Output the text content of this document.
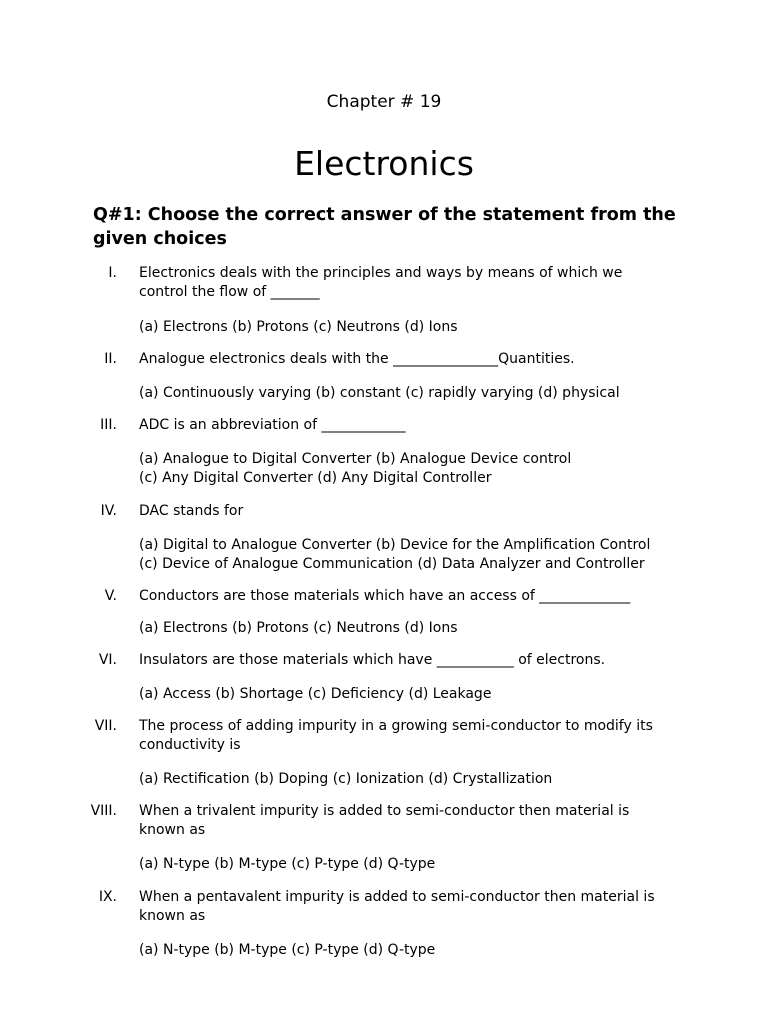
Chapter # 19
Electronics
Q#1: Choose the correct answer of the statement from the given choices
I. Electronics deals with the principles and ways by means of which we
control the flow of _______
(a) Electrons (b) Protons (c) Neutrons (d) Ions
II. Analogue electronics deals with the _______________Quantities.
(a) Continuously varying (b) constant (c) rapidly varying (d) physical
III. ADC is an abbreviation of ____________
(a) Analogue to Digital Converter (b) Analogue Device control
(c) Any Digital Converter (d) Any Digital Controller
IV. DAC stands for
(a) Digital to Analogue Converter (b) Device for the Amplification Control
(c) Device of Analogue Communication (d) Data Analyzer and Controller
V. Conductors are those materials which have an access of _____________
(a) Electrons (b) Protons (c) Neutrons (d) Ions
VI. Insulators are those materials which have ___________ of electrons.
(a) Access (b) Shortage (c) Deficiency (d) Leakage
VII. The process of adding impurity in a growing semi-conductor to modify its
conductivity is
(a) Rectification (b) Doping (c) Ionization (d) Crystallization
VIII. When a trivalent impurity is added to semi-conductor then material is
known as
(a) N-type (b) M-type (c) P-type (d) Q-type
IX. When a pentavalent impurity is added to semi-conductor then material is
known as
(a) N-type (b) M-type (c) P-type (d) Q-type
